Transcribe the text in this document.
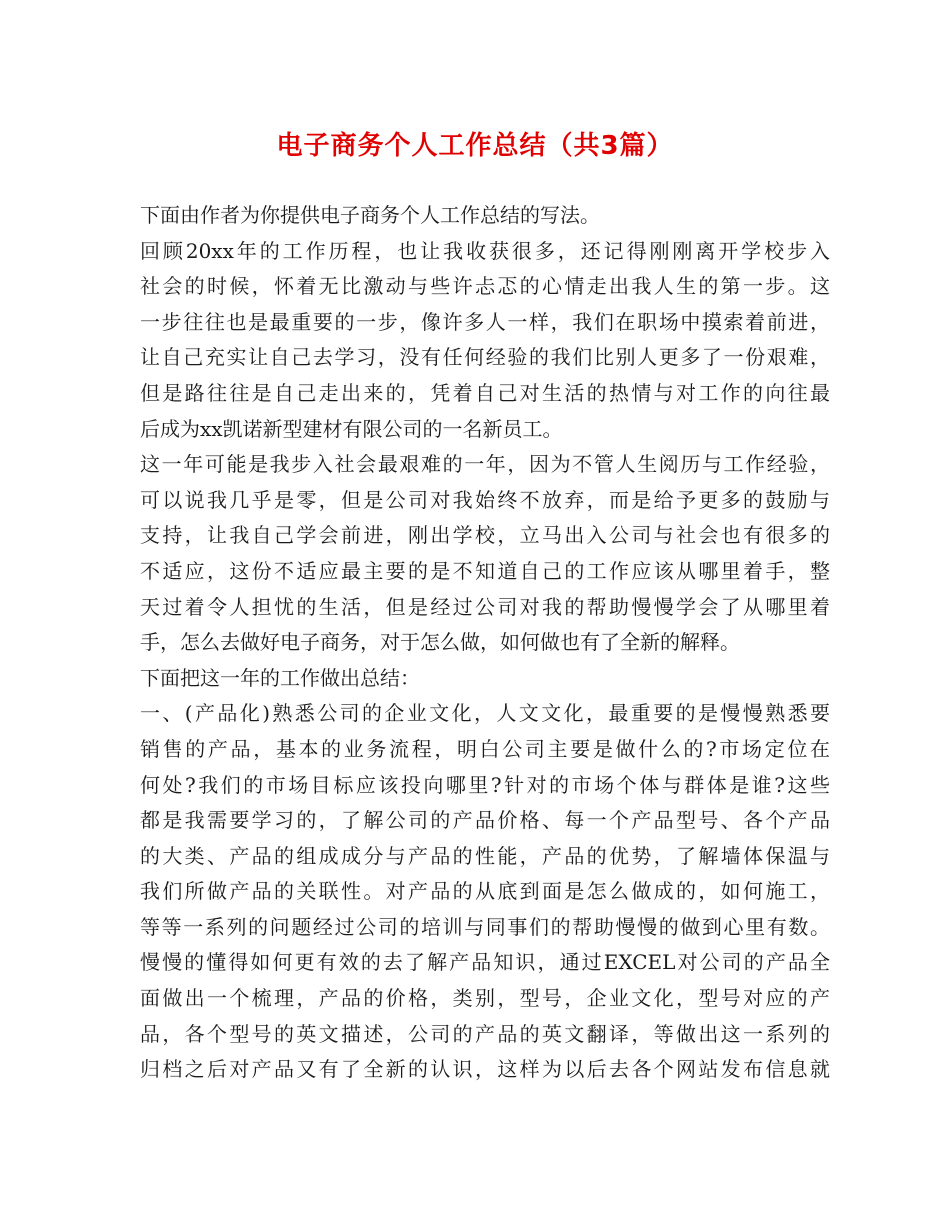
电子商务个人工作总结（共3篇）
下面由作者为你提供电子商务个人工作总结的写法。
回顾20xx年的工作历程，也让我收获很多，还记得刚刚离开学校步入
社会的时候，怀着无比激动与些许忐忑的心情走出我人生的第一步。这
一步往往也是最重要的一步，像许多人一样，我们在职场中摸索着前进，
让自己充实让自己去学习，没有任何经验的我们比别人更多了一份艰难，
但是路往往是自己走出来的，凭着自己对生活的热情与对工作的向往最
后成为xx凯诺新型建材有限公司的一名新员工。
这一年可能是我步入社会最艰难的一年，因为不管人生阅历与工作经验，
可以说我几乎是零，但是公司对我始终不放弃，而是给予更多的鼓励与
支持，让我自己学会前进，刚出学校，立马出入公司与社会也有很多的
不适应，这份不适应最主要的是不知道自己的工作应该从哪里着手，整
天过着令人担忧的生活，但是经过公司对我的帮助慢慢学会了从哪里着
手，怎么去做好电子商务，对于怎么做，如何做也有了全新的解释。
下面把这一年的工作做出总结：
一、(产品化)熟悉公司的企业文化，人文文化，最重要的是慢慢熟悉要
销售的产品，基本的业务流程，明白公司主要是做什么的?市场定位在
何处?我们的市场目标应该投向哪里?针对的市场个体与群体是谁?这些
都是我需要学习的，了解公司的产品价格、每一个产品型号、各个产品
的大类、产品的组成成分与产品的性能，产品的优势，了解墙体保温与
我们所做产品的关联性。对产品的从底到面是怎么做成的，如何施工，
等等一系列的问题经过公司的培训与同事们的帮助慢慢的做到心里有数。
慢慢的懂得如何更有效的去了解产品知识，通过EXCEL对公司的产品全
面做出一个梳理，产品的价格，类别，型号，企业文化，型号对应的产
品，各个型号的英文描述，公司的产品的英文翻译，等做出这一系列的
归档之后对产品又有了全新的认识，这样为以后去各个网站发布信息就
